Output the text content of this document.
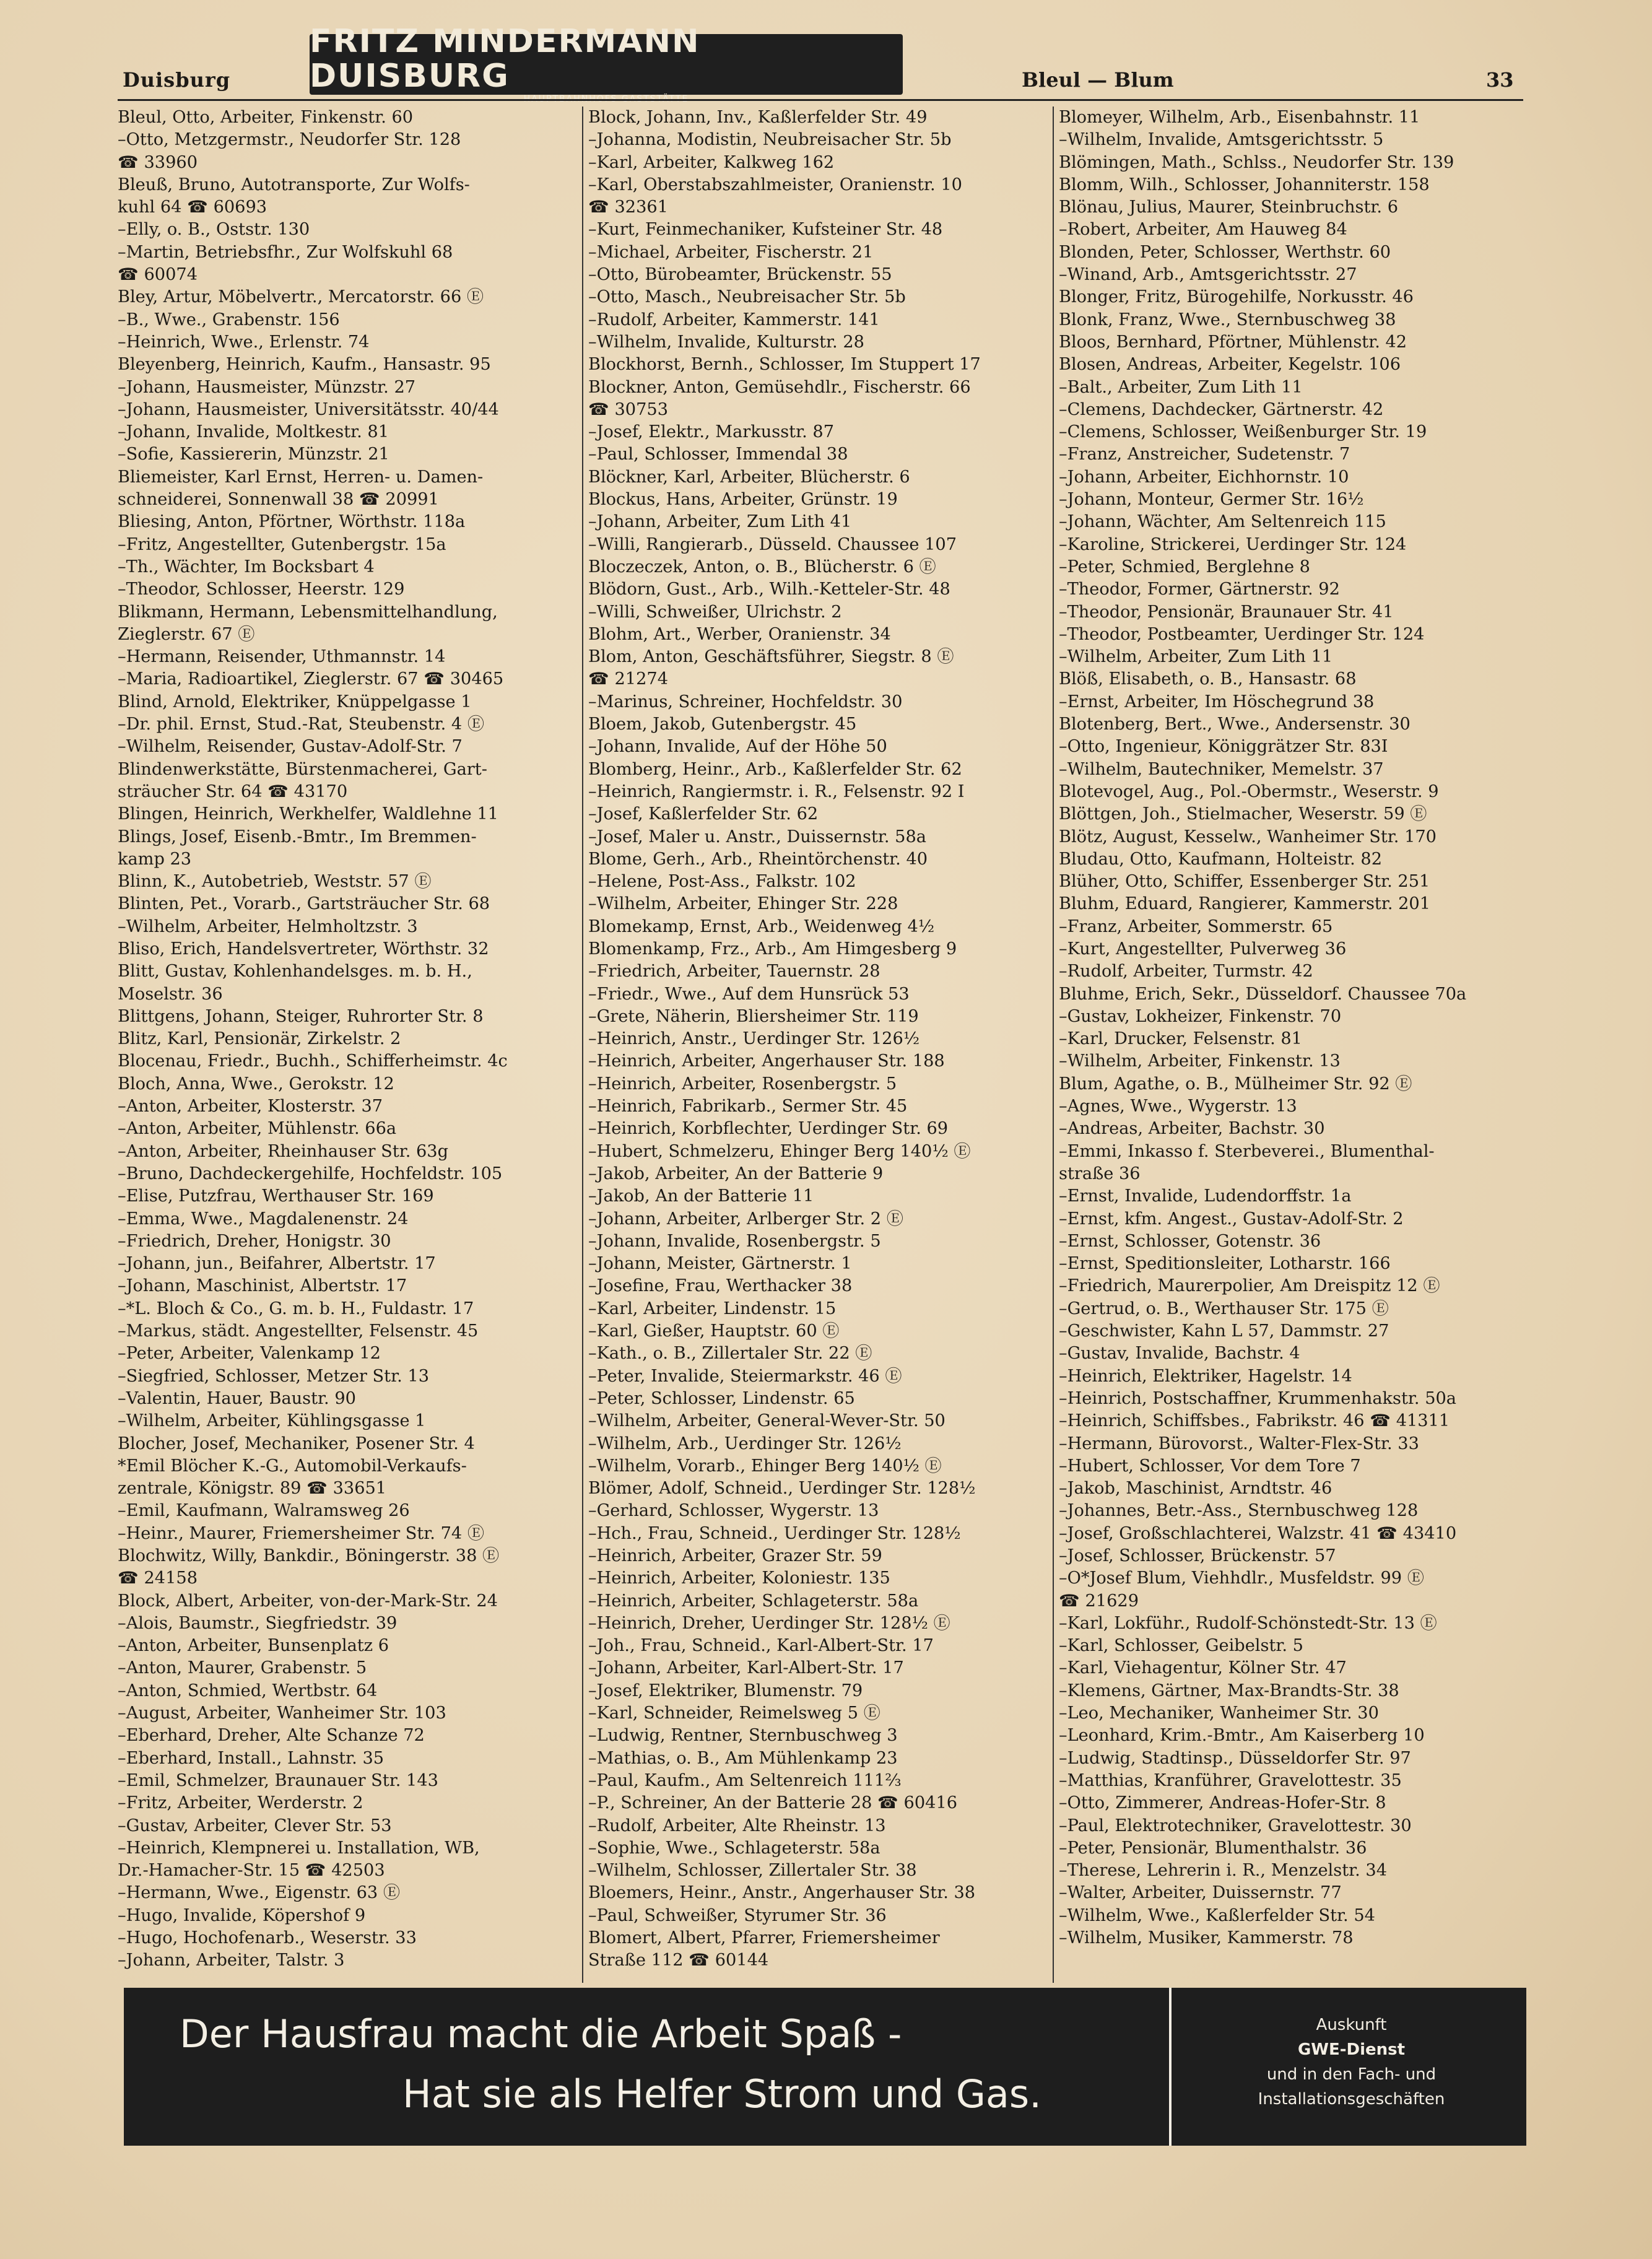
Duisburg
FRITZ MINDERMANN DUISBURG	Bleul — Blum	33
Bleul, Otto, Arbeiter, Finkenstr. 60
–Otto, Metzgermstr., Neudorfer Str. 128
☎ 33960
Bleuß, Bruno, Autotransporte, Zur Wolfs-
kuhl 64 ☎ 60693
–Elly, o. B., Oststr. 130
–Martin, Betriebsfhr., Zur Wolfskuhl 68
☎ 60074
Bley, Artur, Möbelvertr., Mercatorstr. 66 Ⓔ
–B., Wwe., Grabenstr. 156
–Heinrich, Wwe., Erlenstr. 74
Bleyenberg, Heinrich, Kaufm., Hansastr. 95
–Johann, Hausmeister, Münzstr. 27
–Johann, Hausmeister, Universitätsstr. 40/44
–Johann, Invalide, Moltkestr. 81
–Sofie, Kassiererin, Münzstr. 21
Bliemeister, Karl Ernst, Herren- u. Damen-
schneiderei, Sonnenwall 38 ☎ 20991
Bliesing, Anton, Pförtner, Wörthstr. 118a
–Fritz, Angestellter, Gutenbergstr. 15a
–Th., Wächter, Im Bocksbart 4
–Theodor, Schlosser, Heerstr. 129
Blikmann, Hermann, Lebensmittelhandlung,
Zieglerstr. 67 Ⓔ
–Hermann, Reisender, Uthmannstr. 14
–Maria, Radioartikel, Zieglerstr. 67 ☎ 30465
Blind, Arnold, Elektriker, Knüppelgasse 1
–Dr. phil. Ernst, Stud.-Rat, Steubenstr. 4 Ⓔ
–Wilhelm, Reisender, Gustav-Adolf-Str. 7
Blindenwerkstätte, Bürstenmacherei, Gart-
sträucher Str. 64 ☎ 43170
Blingen, Heinrich, Werkhelfer, Waldlehne 11
Blings, Josef, Eisenb.-Bmtr., Im Bremmen-
kamp 23
Blinn, K., Autobetrieb, Weststr. 57 Ⓔ
Blinten, Pet., Vorarb., Gartsträucher Str. 68
–Wilhelm, Arbeiter, Helmholtzstr. 3
Bliso, Erich, Handelsvertreter, Wörthstr. 32
Blitt, Gustav, Kohlenhandelsges. m. b. H.,
Moselstr. 36
Blittgens, Johann, Steiger, Ruhrorter Str. 8
Blitz, Karl, Pensionär, Zirkelstr. 2
Blocenau, Friedr., Buchh., Schifferheimstr. 4c
Bloch, Anna, Wwe., Gerokstr. 12
–Anton, Arbeiter, Klosterstr. 37
–Anton, Arbeiter, Mühlenstr. 66a
–Anton, Arbeiter, Rheinhauser Str. 63g
–Bruno, Dachdeckergehilfe, Hochfeldstr. 105
–Elise, Putzfrau, Werthauser Str. 169
–Emma, Wwe., Magdalenenstr. 24
–Friedrich, Dreher, Honigstr. 30
–Johann, jun., Beifahrer, Albertstr. 17
–Johann, Maschinist, Albertstr. 17
–*L. Bloch & Co., G. m. b. H., Fuldastr. 17
–Markus, städt. Angestellter, Felsenstr. 45
–Peter, Arbeiter, Valenkamp 12
–Siegfried, Schlosser, Metzer Str. 13
–Valentin, Hauer, Baustr. 90
–Wilhelm, Arbeiter, Kühlingsgasse 1
Blocher, Josef, Mechaniker, Posener Str. 4
*Emil Blöcher K.-G., Automobil-Verkaufs-
zentrale, Königstr. 89 ☎ 33651
–Emil, Kaufmann, Walramsweg 26
–Heinr., Maurer, Friemersheimer Str. 74 Ⓔ
Blochwitz, Willy, Bankdir., Böningerstr. 38 Ⓔ
☎ 24158
Block, Albert, Arbeiter, von-der-Mark-Str. 24
–Alois, Baumstr., Siegfriedstr. 39
–Anton, Arbeiter, Bunsenplatz 6
–Anton, Maurer, Grabenstr. 5
–Anton, Schmied, Wertbstr. 64
–August, Arbeiter, Wanheimer Str. 103
–Eberhard, Dreher, Alte Schanze 72
–Eberhard, Install., Lahnstr. 35
–Emil, Schmelzer, Braunauer Str. 143
–Fritz, Arbeiter, Werderstr. 2
–Gustav, Arbeiter, Clever Str. 53
–Heinrich, Klempnerei u. Installation, WB,
Dr.-Hamacher-Str. 15 ☎ 42503
–Hermann, Wwe., Eigenstr. 63 Ⓔ
–Hugo, Invalide, Köpershof 9
–Hugo, Hochofenarb., Weserstr. 33
–Johann, Arbeiter, Talstr. 3
Block, Johann, Inv., Kaßlerfelder Str. 49
–Johanna, Modistin, Neubreisacher Str. 5b
–Karl, Arbeiter, Kalkweg 162
–Karl, Oberstabszahlmeister, Oranienstr. 10
☎ 32361
–Kurt, Feinmechaniker, Kufsteiner Str. 48
–Michael, Arbeiter, Fischerstr. 21
–Otto, Bürobeamter, Brückenstr. 55
–Otto, Masch., Neubreisacher Str. 5b
–Rudolf, Arbeiter, Kammerstr. 141
–Wilhelm, Invalide, Kulturstr. 28
Blockhorst, Bernh., Schlosser, Im Stuppert 17
Blockner, Anton, Gemüsehdlr., Fischerstr. 66
☎ 30753
–Josef, Elektr., Markusstr. 87
–Paul, Schlosser, Immendal 38
Blöckner, Karl, Arbeiter, Blücherstr. 6
Blockus, Hans, Arbeiter, Grünstr. 19
–Johann, Arbeiter, Zum Lith 41
–Willi, Rangierarb., Düsseld. Chaussee 107
Bloczeczek, Anton, o. B., Blücherstr. 6 Ⓔ
Blödorn, Gust., Arb., Wilh.-Ketteler-Str. 48
–Willi, Schweißer, Ulrichstr. 2
Blohm, Art., Werber, Oranienstr. 34
Blom, Anton, Geschäftsführer, Siegstr. 8 Ⓔ
☎ 21274
–Marinus, Schreiner, Hochfeldstr. 30
Bloem, Jakob, Gutenbergstr. 45
–Johann, Invalide, Auf der Höhe 50
Blomberg, Heinr., Arb., Kaßlerfelder Str. 62
–Heinrich, Rangiermstr. i. R., Felsenstr. 92 I
–Josef, Kaßlerfelder Str. 62
–Josef, Maler u. Anstr., Duissernstr. 58a
Blome, Gerh., Arb., Rheintörchenstr. 40
–Helene, Post-Ass., Falkstr. 102
–Wilhelm, Arbeiter, Ehinger Str. 228
Blomekamp, Ernst, Arb., Weidenweg 4½
Blomenkamp, Frz., Arb., Am Himgesberg 9
–Friedrich, Arbeiter, Tauernstr. 28
–Friedr., Wwe., Auf dem Hunsrück 53
–Grete, Näherin, Bliersheimer Str. 119
–Heinrich, Anstr., Uerdinger Str. 126½
–Heinrich, Arbeiter, Angerhauser Str. 188
–Heinrich, Arbeiter, Rosenbergstr. 5
–Heinrich, Fabrikarb., Sermer Str. 45
–Heinrich, Korbflechter, Uerdinger Str. 69
–Hubert, Schmelzeru, Ehinger Berg 140½ Ⓔ
–Jakob, Arbeiter, An der Batterie 9
–Jakob, An der Batterie 11
–Johann, Arbeiter, Arlberger Str. 2 Ⓔ
–Johann, Invalide, Rosenbergstr. 5
–Johann, Meister, Gärtnerstr. 1
–Josefine, Frau, Werthacker 38
–Karl, Arbeiter, Lindenstr. 15
–Karl, Gießer, Hauptstr. 60 Ⓔ
–Kath., o. B., Zillertaler Str. 22 Ⓔ
–Peter, Invalide, Steiermarkstr. 46 Ⓔ
–Peter, Schlosser, Lindenstr. 65
–Wilhelm, Arbeiter, General-Wever-Str. 50
–Wilhelm, Arb., Uerdinger Str. 126½
–Wilhelm, Vorarb., Ehinger Berg 140½ Ⓔ
Blömer, Adolf, Schneid., Uerdinger Str. 128½
–Gerhard, Schlosser, Wygerstr. 13
–Hch., Frau, Schneid., Uerdinger Str. 128½
–Heinrich, Arbeiter, Grazer Str. 59
–Heinrich, Arbeiter, Koloniestr. 135
–Heinrich, Arbeiter, Schlageterstr. 58a
–Heinrich, Dreher, Uerdinger Str. 128½ Ⓔ
–Joh., Frau, Schneid., Karl-Albert-Str. 17
–Johann, Arbeiter, Karl-Albert-Str. 17
–Josef, Elektriker, Blumenstr. 79
–Karl, Schneider, Reimelsweg 5 Ⓔ
–Ludwig, Rentner, Sternbuschweg 3
–Mathias, o. B., Am Mühlenkamp 23
–Paul, Kaufm., Am Seltenreich 111⅔
–P., Schreiner, An der Batterie 28 ☎ 60416
–Rudolf, Arbeiter, Alte Rheinstr. 13
–Sophie, Wwe., Schlageterstr. 58a
–Wilhelm, Schlosser, Zillertaler Str. 38
Bloemers, Heinr., Anstr., Angerhauser Str. 38
–Paul, Schweißer, Styrumer Str. 36
Blomert, Albert, Pfarrer, Friemersheimer
Straße 112 ☎ 60144
Blomeyer, Wilhelm, Arb., Eisenbahnstr. 11
–Wilhelm, Invalide, Amtsgerichtsstr. 5
Blömingen, Math., Schlss., Neudorfer Str. 139
Blomm, Wilh., Schlosser, Johanniterstr. 158
Blönau, Julius, Maurer, Steinbruchstr. 6
–Robert, Arbeiter, Am Hauweg 84
Blonden, Peter, Schlosser, Werthstr. 60
–Winand, Arb., Amtsgerichtsstr. 27
Blonger, Fritz, Bürogehilfe, Norkusstr. 46
Blonk, Franz, Wwe., Sternbuschweg 38
Bloos, Bernhard, Pförtner, Mühlenstr. 42
Blosen, Andreas, Arbeiter, Kegelstr. 106
–Balt., Arbeiter, Zum Lith 11
–Clemens, Dachdecker, Gärtnerstr. 42
–Clemens, Schlosser, Weißenburger Str. 19
–Franz, Anstreicher, Sudetenstr. 7
–Johann, Arbeiter, Eichhornstr. 10
–Johann, Monteur, Germer Str. 16½
–Johann, Wächter, Am Seltenreich 115
–Karoline, Strickerei, Uerdinger Str. 124
–Peter, Schmied, Berglehne 8
–Theodor, Former, Gärtnerstr. 92
–Theodor, Pensionär, Braunauer Str. 41
–Theodor, Postbeamter, Uerdinger Str. 124
–Wilhelm, Arbeiter, Zum Lith 11
Blöß, Elisabeth, o. B., Hansastr. 68
–Ernst, Arbeiter, Im Höschegrund 38
Blotenberg, Bert., Wwe., Andersenstr. 30
–Otto, Ingenieur, Königgrätzer Str. 83I
–Wilhelm, Bautechniker, Memelstr. 37
Blotevogel, Aug., Pol.-Obermstr., Weserstr. 9
Blöttgen, Joh., Stielmacher, Weserstr. 59 Ⓔ
Blötz, August, Kesselw., Wanheimer Str. 170
Bludau, Otto, Kaufmann, Holteistr. 82
Blüher, Otto, Schiffer, Essenberger Str. 251
Bluhm, Eduard, Rangierer, Kammerstr. 201
–Franz, Arbeiter, Sommerstr. 65
–Kurt, Angestellter, Pulverweg 36
–Rudolf, Arbeiter, Turmstr. 42
Bluhme, Erich, Sekr., Düsseldorf. Chaussee 70a
–Gustav, Lokheizer, Finkenstr. 70
–Karl, Drucker, Felsenstr. 81
–Wilhelm, Arbeiter, Finkenstr. 13
Blum, Agathe, o. B., Mülheimer Str. 92 Ⓔ
–Agnes, Wwe., Wygerstr. 13
–Andreas, Arbeiter, Bachstr. 30
–Emmi, Inkasso f. Sterbeverei., Blumenthal-
straße 36
–Ernst, Invalide, Ludendorffstr. 1a
–Ernst, kfm. Angest., Gustav-Adolf-Str. 2
–Ernst, Schlosser, Gotenstr. 36
–Ernst, Speditionsleiter, Lotharstr. 166
–Friedrich, Maurerpolier, Am Dreispitz 12 Ⓔ
–Gertrud, o. B., Werthauser Str. 175 Ⓔ
–Geschwister, Kahn L 57, Dammstr. 27
–Gustav, Invalide, Bachstr. 4
–Heinrich, Elektriker, Hagelstr. 14
–Heinrich, Postschaffner, Krummenhakstr. 50a
–Heinrich, Schiffsbes., Fabrikstr. 46 ☎ 41311
–Hermann, Bürovorst., Walter-Flex-Str. 33
–Hubert, Schlosser, Vor dem Tore 7
–Jakob, Maschinist, Arndtstr. 46
–Johannes, Betr.-Ass., Sternbuschweg 128
–Josef, Großschlachterei, Walzstr. 41 ☎ 43410
–Josef, Schlosser, Brückenstr. 57
–O*Josef Blum, Viehhdlr., Musfeldstr. 99 Ⓔ
☎ 21629
–Karl, Lokführ., Rudolf-Schönstedt-Str. 13 Ⓔ
–Karl, Schlosser, Geibelstr. 5
–Karl, Viehagentur, Kölner Str. 47
–Klemens, Gärtner, Max-Brandts-Str. 38
–Leo, Mechaniker, Wanheimer Str. 30
–Leonhard, Krim.-Bmtr., Am Kaiserberg 10
–Ludwig, Stadtinsp., Düsseldorfer Str. 97
–Matthias, Kranführer, Gravelottestr. 35
–Otto, Zimmerer, Andreas-Hofer-Str. 8
–Paul, Elektrotechniker, Gravelottestr. 30
–Peter, Pensionär, Blumenthalstr. 36
–Therese, Lehrerin i. R., Menzelstr. 34
–Walter, Arbeiter, Duissernstr. 77
–Wilhelm, Wwe., Kaßlerfelder Str. 54
–Wilhelm, Musiker, Kammerstr. 78
Der Hausfrau macht die Arbeit Spaß -
Hat sie als Helfer Strom und Gas.
Auskunft
GWE-Dienst
und in den Fach- und
Installationsgeschäften
